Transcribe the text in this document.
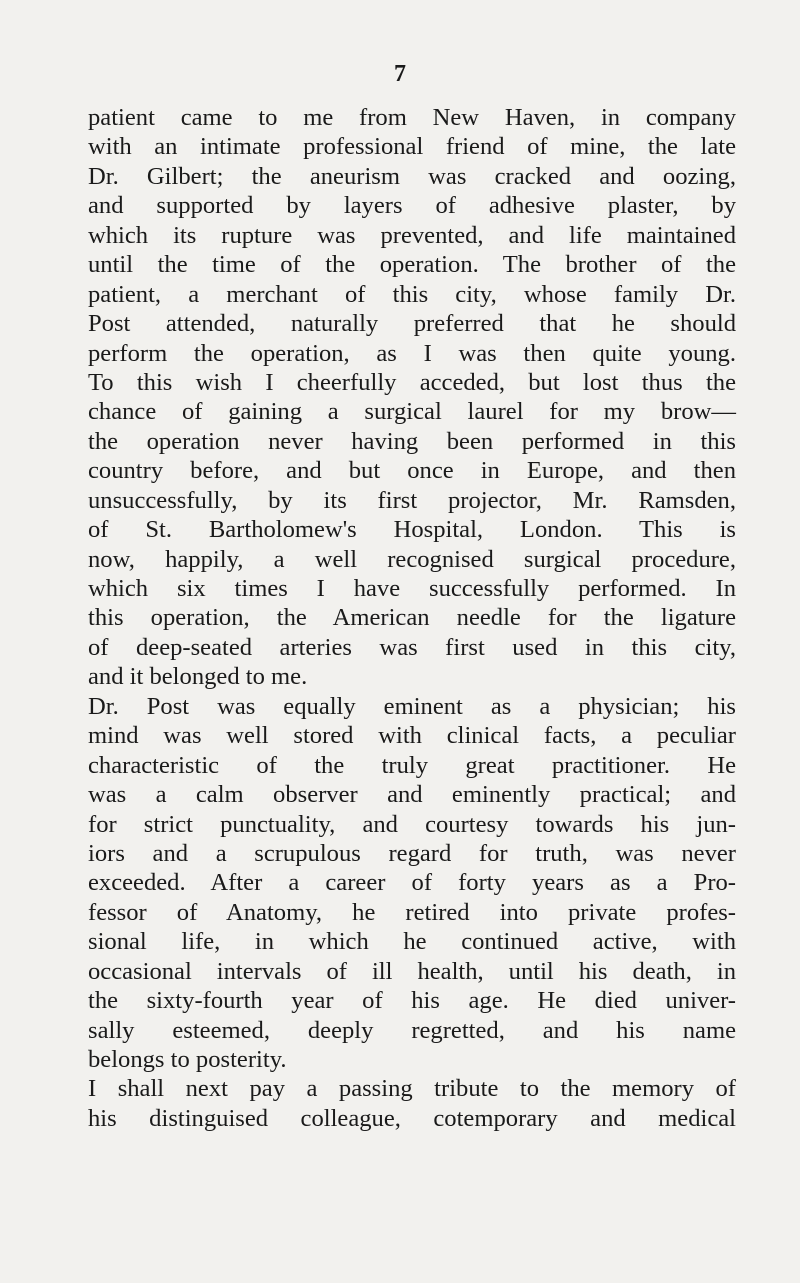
7
patient came to me from New Haven, in company
with an intimate professional friend of mine, the late
Dr. Gilbert; the aneurism was cracked and oozing,
and supported by layers of adhesive plaster, by
which its rupture was prevented, and life maintained
until the time of the operation. The brother of the
patient, a merchant of this city, whose family Dr.
Post attended, naturally preferred that he should
perform the operation, as I was then quite young.
To this wish I cheerfully acceded, but lost thus the
chance of gaining a surgical laurel for my brow—
the operation never having been performed in this
country before, and but once in Europe, and then
unsuccessfully, by its first projector, Mr. Ramsden,
of St. Bartholomew's Hospital, London. This is
now, happily, a well recognised surgical procedure,
which six times I have successfully performed. In
this operation, the American needle for the ligature
of deep-seated arteries was first used in this city,
and it belonged to me.
Dr. Post was equally eminent as a physician; his
mind was well stored with clinical facts, a peculiar
characteristic of the truly great practitioner. He
was a calm observer and eminently practical; and
for strict punctuality, and courtesy towards his jun-
iors and a scrupulous regard for truth, was never
exceeded. After a career of forty years as a Pro-
fessor of Anatomy, he retired into private profes-
sional life, in which he continued active, with
occasional intervals of ill health, until his death, in
the sixty-fourth year of his age. He died univer-
sally esteemed, deeply regretted, and his name
belongs to posterity.
I shall next pay a passing tribute to the memory of
his distinguised colleague, cotemporary and medical
